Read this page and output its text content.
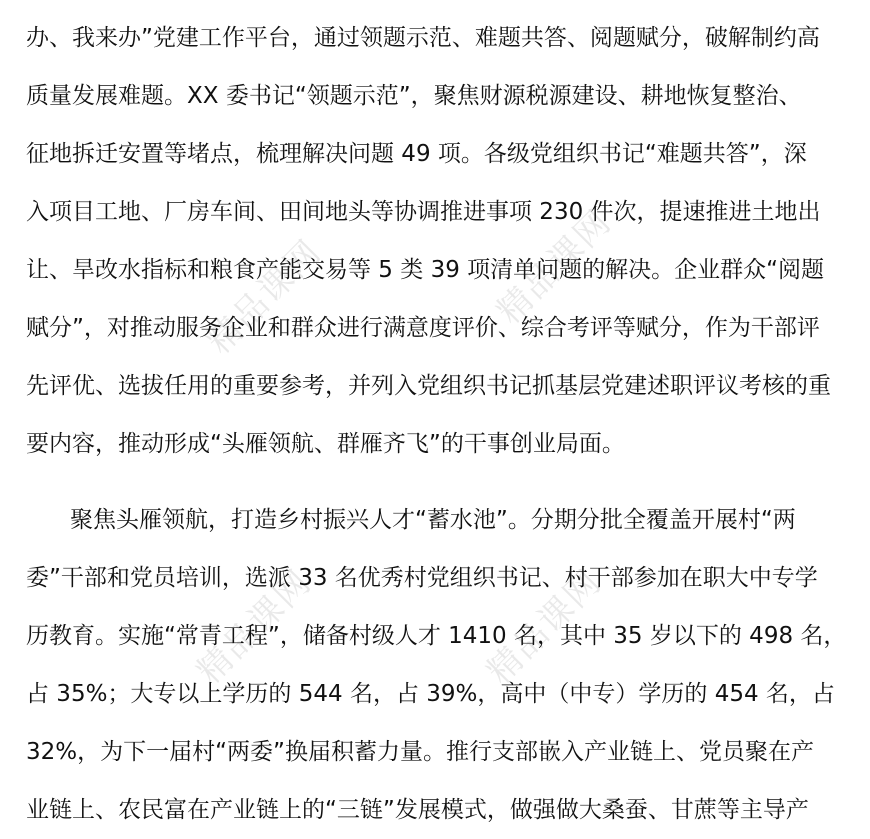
精品课网	精品课网
精品课网	精品课网
办、我来办”党建工作平台，通过领题示范、难题共答、阅题赋分，破解制约高
质量发展难题。XX 委书记“领题示范”，聚焦财源税源建设、耕地恢复整治、
征地拆迁安置等堵点，梳理解决问题 49 项。各级党组织书记“难题共答”，深
入项目工地、厂房车间、田间地头等协调推进事项 230 件次，提速推进土地出
让、旱改水指标和粮食产能交易等 5 类 39 项清单问题的解决。企业群众“阅题
赋分”，对推动服务企业和群众进行满意度评价、综合考评等赋分，作为干部评
先评优、选拔任用的重要参考，并列入党组织书记抓基层党建述职评议考核的重
要内容，推动形成“头雁领航、群雁齐飞”的干事创业局面。
聚焦头雁领航，打造乡村振兴人才“蓄水池”。分期分批全覆盖开展村“两
委”干部和党员培训，选派 33 名优秀村党组织书记、村干部参加在职大中专学
历教育。实施“常青工程”，储备村级人才 1410 名，其中 35 岁以下的 498 名，
占 35%；大专以上学历的 544 名，占 39%，高中（中专）学历的 454 名，占
32%，为下一届村“两委”换届积蓄力量。推行支部嵌入产业链上、党员聚在产
业链上、农民富在产业链上的“三链”发展模式，做强做大桑蚕、甘蔗等主导产
